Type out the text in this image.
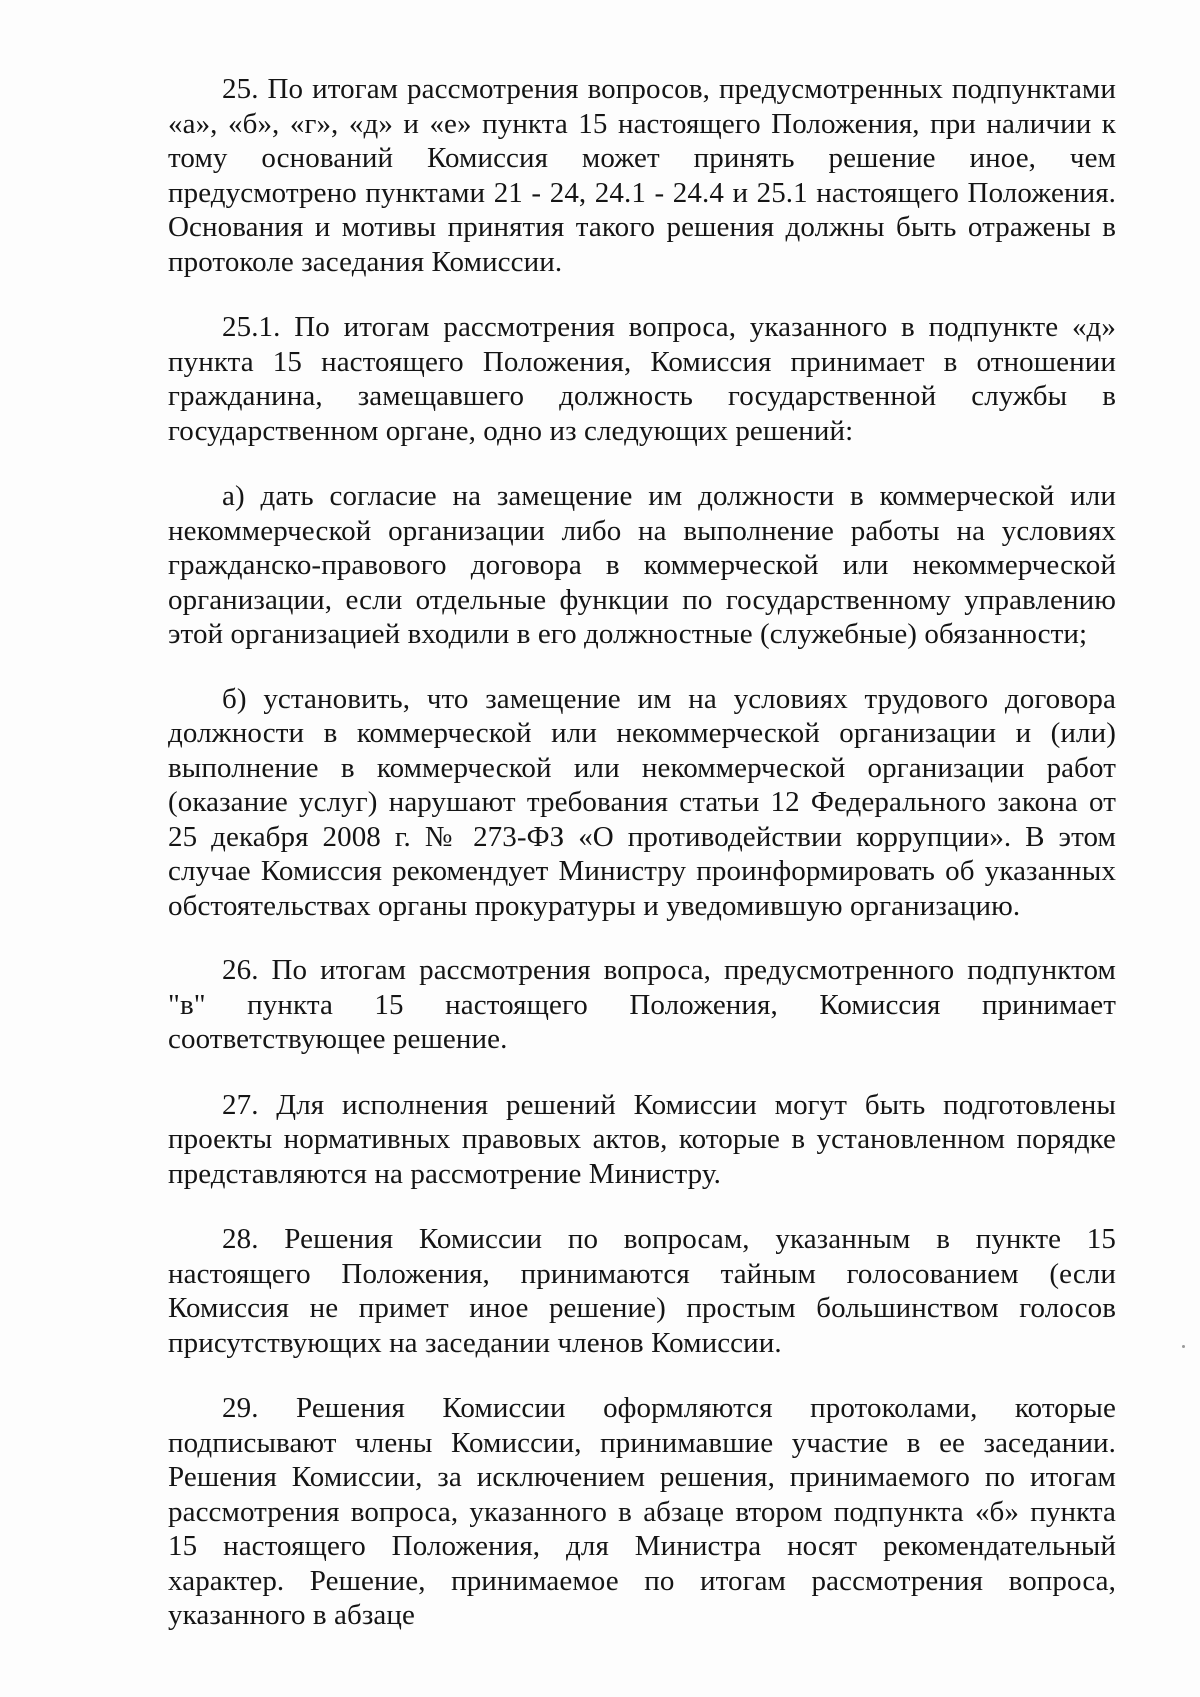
25. По итогам рассмотрения вопросов, предусмотренных подпунктами «а», «б», «г», «д» и «е» пункта 15 настоящего Положения, при наличии к тому оснований Комиссия может принять решение иное, чем предусмотрено пунктами 21 - 24, 24.1 - 24.4 и 25.1 настоящего Положения. Основания и мотивы принятия такого решения должны быть отражены в протоколе заседания Комиссии.

25.1. По итогам рассмотрения вопроса, указанного в подпункте «д» пункта 15 настоящего Положения, Комиссия принимает в отношении гражданина, замещавшего должность государственной службы в государственном органе, одно из следующих решений:

а) дать согласие на замещение им должности в коммерческой или некоммерческой организации либо на выполнение работы на условиях гражданско-правового договора в коммерческой или некоммерческой организации, если отдельные функции по государственному управлению этой организацией входили в его должностные (служебные) обязанности;

б) установить, что замещение им на условиях трудового договора должности в коммерческой или некоммерческой организации и (или) выполнение в коммерческой или некоммерческой организации работ (оказание услуг) нарушают требования статьи 12 Федерального закона от 25 декабря 2008 г. № 273-ФЗ «О противодействии коррупции». В этом случае Комиссия рекомендует Министру проинформировать об указанных обстоятельствах органы прокуратуры и уведомившую организацию.

26. По итогам рассмотрения вопроса, предусмотренного подпунктом "в" пункта 15 настоящего Положения, Комиссия принимает соответствующее решение.

27. Для исполнения решений Комиссии могут быть подготовлены проекты нормативных правовых актов, которые в установленном порядке представляются на рассмотрение Министру.

28. Решения Комиссии по вопросам, указанным в пункте 15 настоящего Положения, принимаются тайным голосованием (если Комиссия не примет иное решение) простым большинством голосов присутствующих на заседании членов Комиссии.

29. Решения Комиссии оформляются протоколами, которые подписывают члены Комиссии, принимавшие участие в ее заседании. Решения Комиссии, за исключением решения, принимаемого по итогам рассмотрения вопроса, указанного в абзаце втором подпункта «б» пункта 15 настоящего Положения, для Министра носят рекомендательный характер. Решение, принимаемое по итогам рассмотрения вопроса, указанного в абзаце
